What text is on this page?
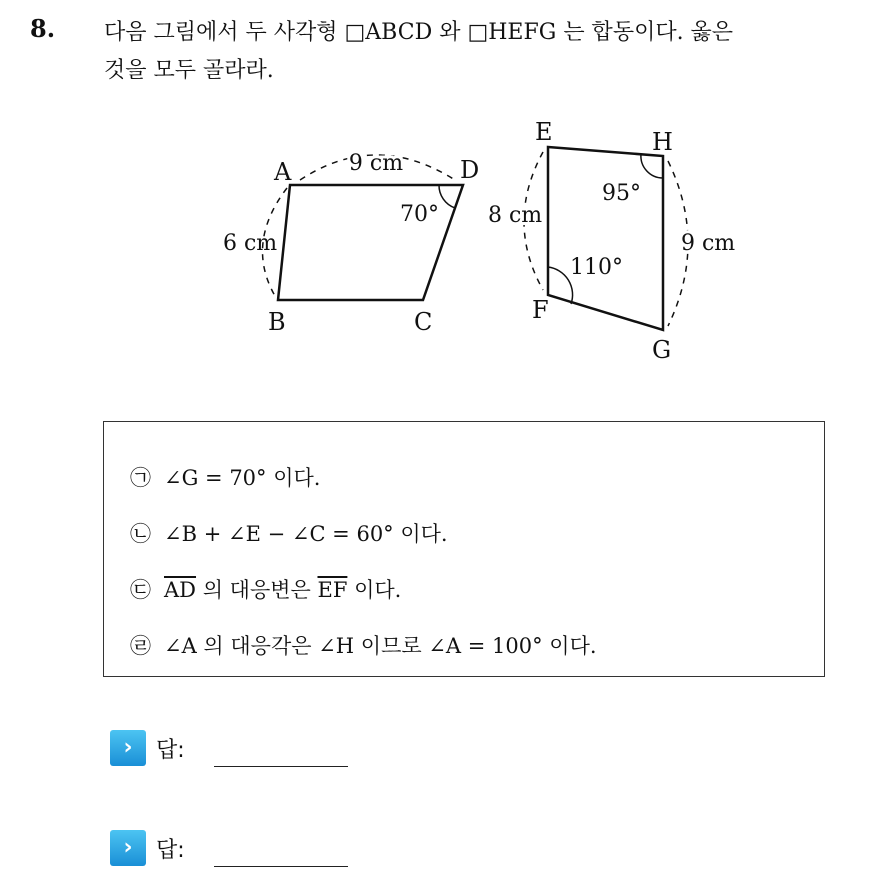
8. 다음 그림에서 두 사각형 □ABCD 와 □HEFG 는 합동이다. 옳은
것을 모두 골라라.
A
B	C
D
9 cm
6 cm
70°
E
F
G
H
8 cm
9 cm
95°
110°
㉠ ∠G = 70° 이다.
㉡ ∠B + ∠E − ∠C = 60° 이다.
㉢ $\overline{AD}$ 의 대응변은 $\overline{EF}$ 이다.
㉣ ∠A 의 대응각은 ∠H 이므로 ∠A = 100° 이다.
› 답:
› 답:
